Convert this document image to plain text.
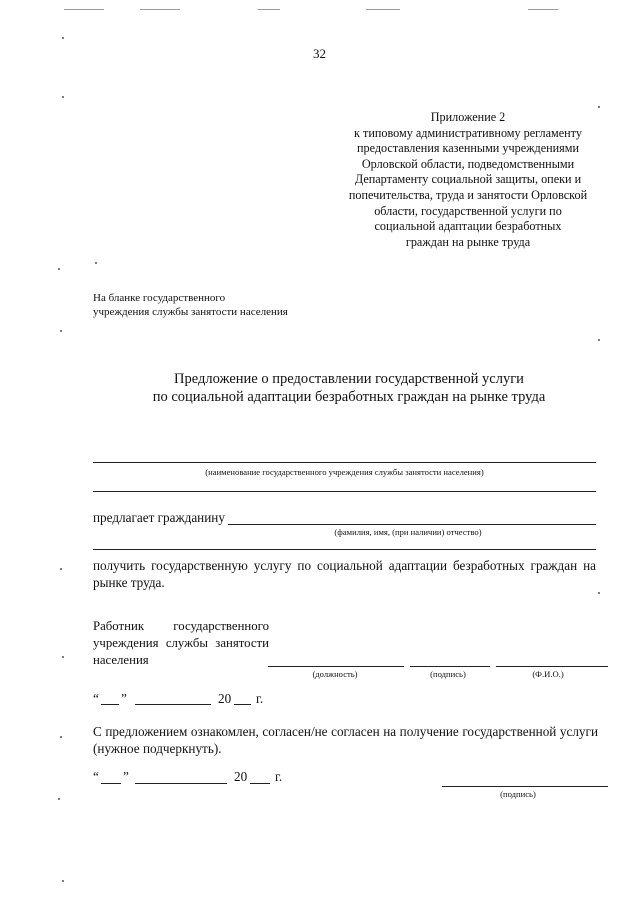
32
Приложение 2
к типовому административному регламенту
предоставления казенными учреждениями
Орловской области, подведомственными
Департаменту социальной защиты, опеки и
попечительства, труда и занятости Орловской
области, государственной услуги по
социальной адаптации безработных
граждан на рынке труда
На бланке государственного
учреждения службы занятости населения
Предложение о предоставлении государственной услуги
по социальной адаптации безработных граждан на рынке труда
(наименование государственного учреждения службы занятости населения)
предлагает гражданину
(фамилия, имя, (при наличии) отчество)
получить государственную услугу по социальной адаптации безработных граждан на рынке труда.
Работник государственного учреждения службы занятости населения
(должность)	(подпись)	(Ф.И.О.)
“ ”	20 г.
С предложением ознакомлен, согласен/не согласен на получение государственной услуги (нужное подчеркнуть).
“ ”	20 г.
(подпись)
